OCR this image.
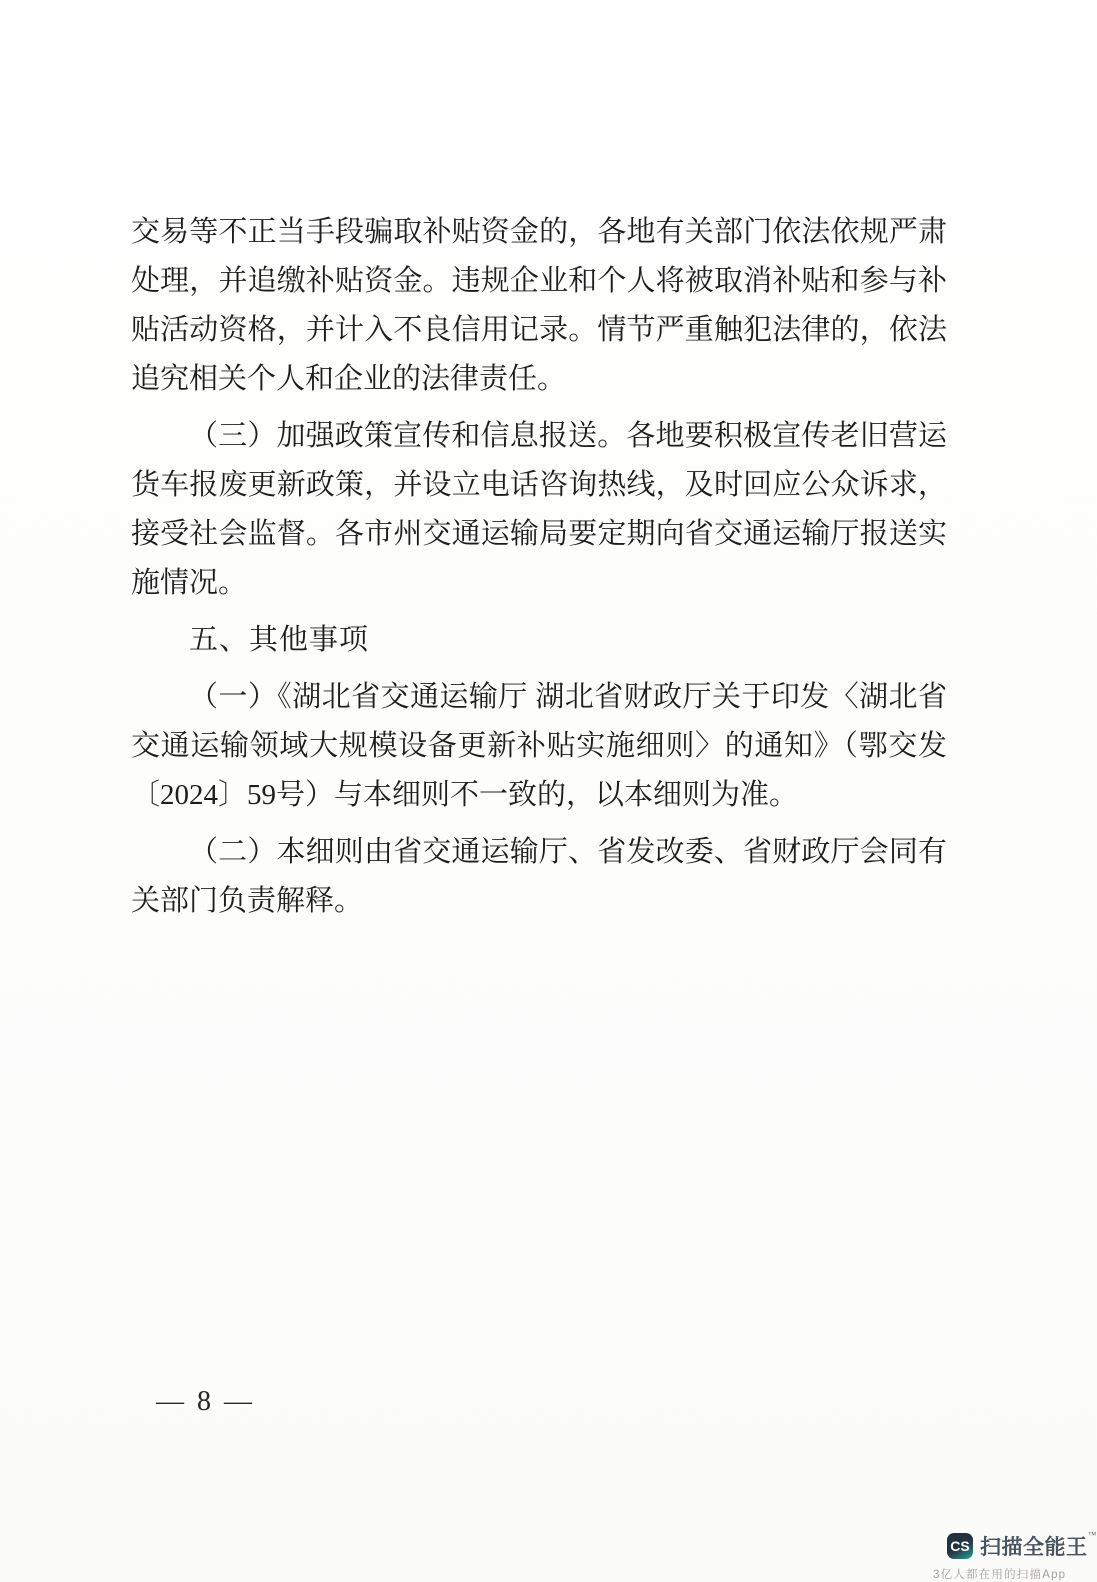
交易等不正当手段骗取补贴资金的，各地有关部门依法依规严肃处理，并追缴补贴资金。违规企业和个人将被取消补贴和参与补贴活动资格，并计入不良信用记录。情节严重触犯法律的，依法追究相关个人和企业的法律责任。

（三）加强政策宣传和信息报送。各地要积极宣传老旧营运货车报废更新政策，并设立电话咨询热线，及时回应公众诉求，接受社会监督。各市州交通运输局要定期向省交通运输厅报送实施情况。

五、其他事项

（一）《湖北省交通运输厅 湖北省财政厅关于印发〈湖北省交通运输领域大规模设备更新补贴实施细则〉的通知》（鄂交发〔2024〕59号）与本细则不一致的，以本细则为准。

（二）本细则由省交通运输厅、省发改委、省财政厅会同有关部门负责解释。

— 8 —
CS 扫描全能王™
3亿人都在用的扫描App
